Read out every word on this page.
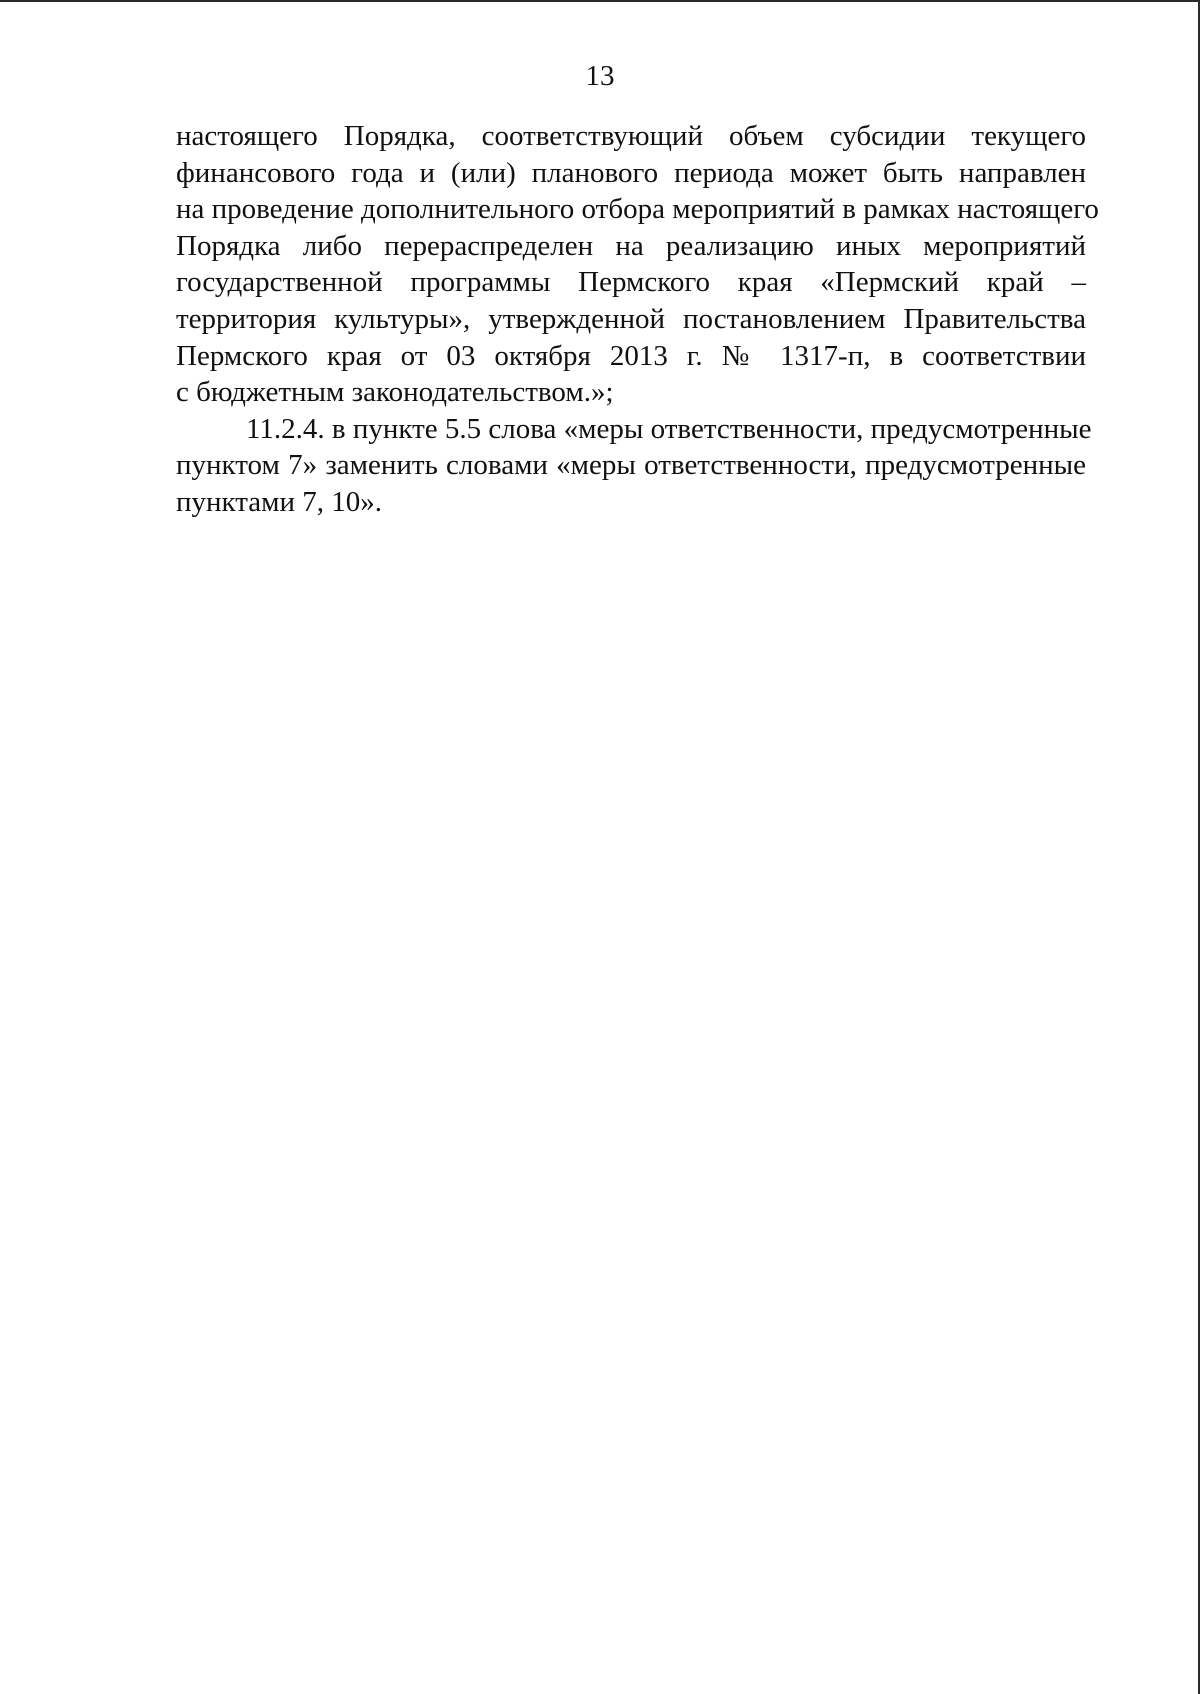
13

настоящего Порядка, соответствующий объем субсидии текущего
финансового года и (или) планового периода может быть направлен
на проведение дополнительного отбора мероприятий в рамках настоящего
Порядка либо перераспределен на реализацию иных мероприятий
государственной программы Пермского края «Пермский край –
территория культуры», утвержденной постановлением Правительства
Пермского края от 03 октября 2013 г. № 1317-п, в соответствии
с бюджетным законодательством.»;

11.2.4. в пункте 5.5 слова «меры ответственности, предусмотренные
пунктом 7» заменить словами «меры ответственности, предусмотренные
пунктами 7, 10».
